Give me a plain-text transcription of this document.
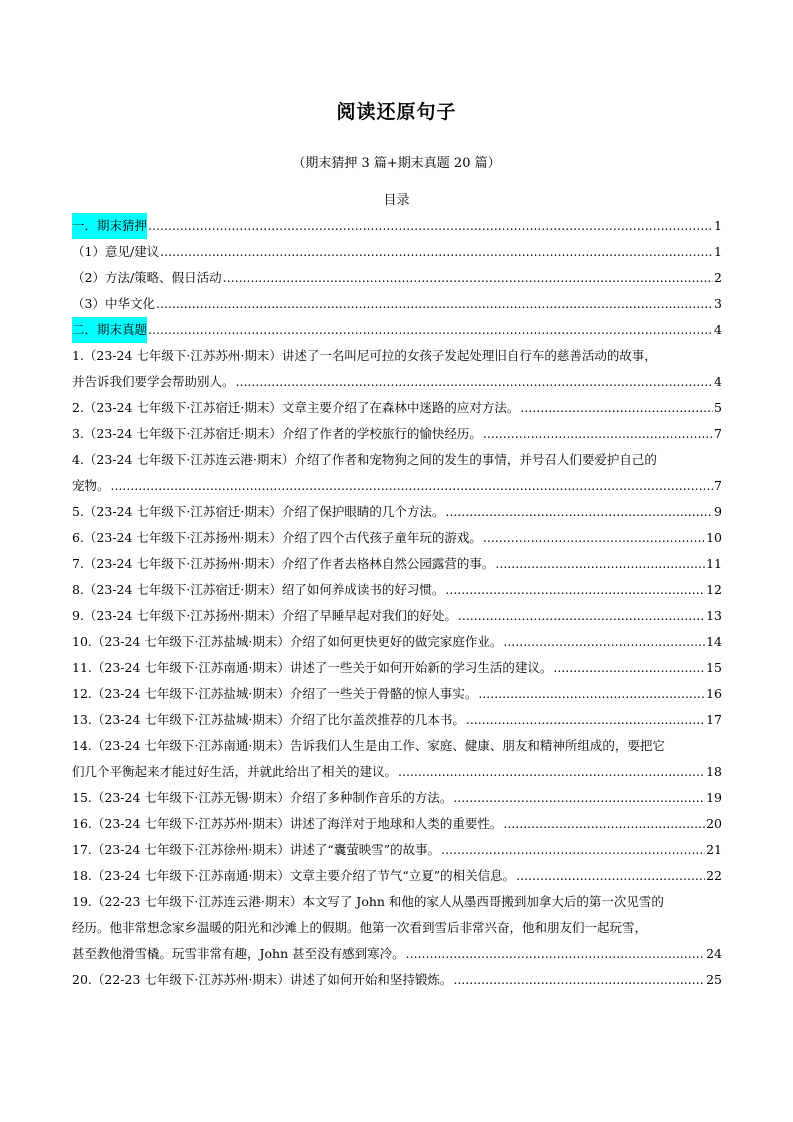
阅读还原句子
（期末猜押 3 篇+期末真题 20 篇）
目录
一．期末猜押 .....	1
（1）意见/建议 .....	1
（2）方法/策略、假日活动 .....	2
（3）中华文化 .....	3
二．期末真题 .....	4
1.（23-24 七年级下·江苏苏州·期末）讲述了一名叫尼可拉的女孩子发起处理旧自行车的慈善活动的故事，
并告诉我们要学会帮助别人。 .....	4
2.（23-24 七年级下·江苏宿迁·期末）文章主要介绍了在森林中迷路的应对方法。 .....	5
3.（23-24 七年级下·江苏宿迁·期末）介绍了作者的学校旅行的愉快经历。 .....	7
4.（23-24 七年级下·江苏连云港·期末）介绍了作者和宠物狗之间的发生的事情，并号召人们要爱护自己的
宠物。 .....	7
5.（23-24 七年级下·江苏宿迁·期末）介绍了保护眼睛的几个方法。 .....	9
6.（23-24 七年级下·江苏扬州·期末）介绍了四个古代孩子童年玩的游戏。 .....	10
7.（23-24 七年级下·江苏扬州·期末）介绍了作者去格林自然公园露营的事。 .....	11
8.（23-24 七年级下·江苏宿迁·期末）绍了如何养成读书的好习惯。 .....	12
9.（23-24 七年级下·江苏扬州·期末）介绍了早睡早起对我们的好处。 .....	13
10.（23-24 七年级下·江苏盐城·期末）介绍了如何更快更好的做完家庭作业。 .....	14
11.（23-24 七年级下·江苏南通·期末）讲述了一些关于如何开始新的学习生活的建议。 .....	15
12.（23-24 七年级下·江苏盐城·期末）介绍了一些关于骨骼的惊人事实。 .....	16
13.（23-24 七年级下·江苏盐城·期末）介绍了比尔盖茨推荐的几本书。 .....	17
14.（23-24 七年级下·江苏南通·期末）告诉我们人生是由工作、家庭、健康、朋友和精神所组成的，要把它
们几个平衡起来才能过好生活，并就此给出了相关的建议。 .....	18
15.（23-24 七年级下·江苏无锡·期末）介绍了多种制作音乐的方法。 .....	19
16.（23-24 七年级下·江苏苏州·期末）讲述了海洋对于地球和人类的重要性。 .....	20
17.（23-24 七年级下·江苏徐州·期末）讲述了“囊萤映雪”的故事。 .....	21
18.（23-24 七年级下·江苏南通·期末）文章主要介绍了节气“立夏”的相关信息。 .....	22
19.（22-23 七年级下·江苏连云港·期末）本文写了 John 和他的家人从墨西哥搬到加拿大后的第一次见雪的
经历。他非常想念家乡温暖的阳光和沙滩上的假期。他第一次看到雪后非常兴奋，他和朋友们一起玩雪，
甚至教他滑雪橇。玩雪非常有趣，John 甚至没有感到寒冷。 .....	24
20.（22-23 七年级下·江苏苏州·期末）讲述了如何开始和坚持锻炼。 .....	25
